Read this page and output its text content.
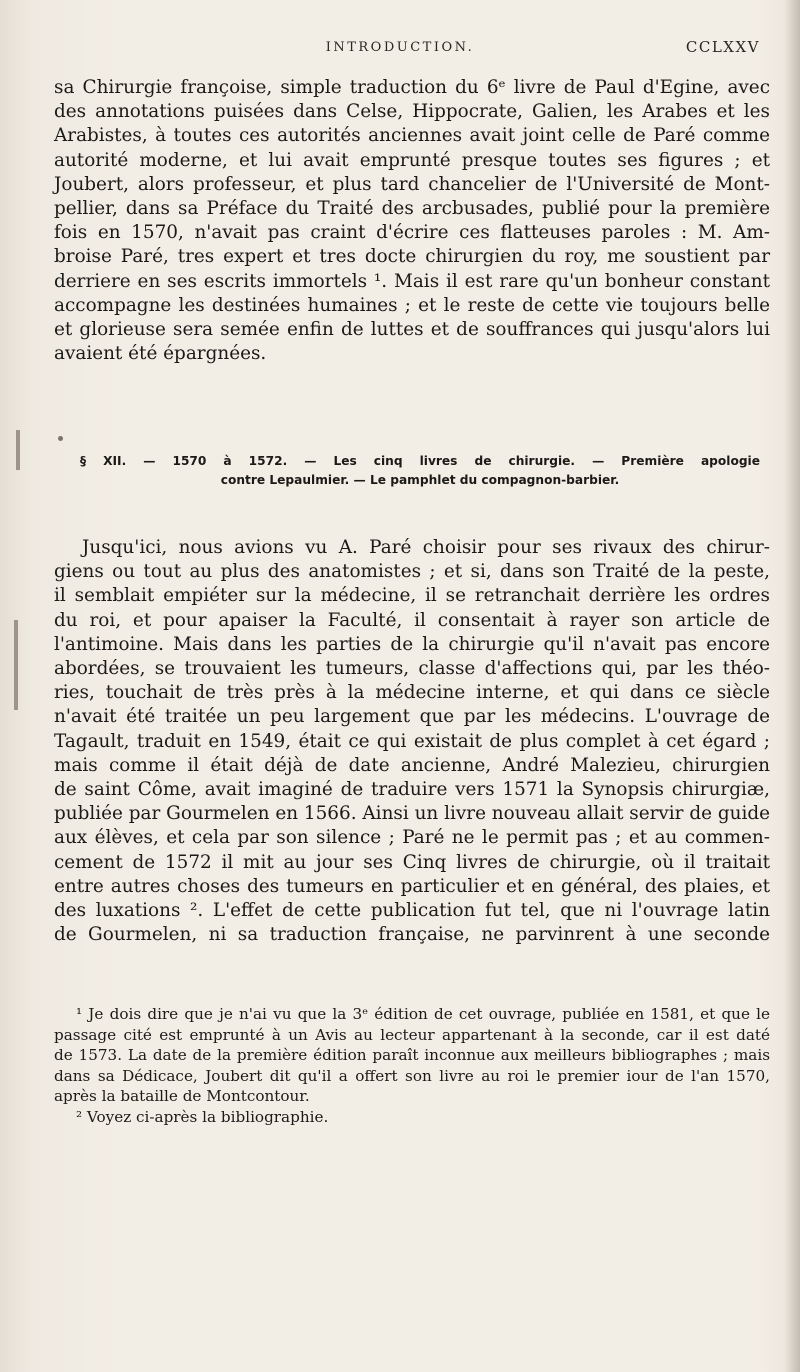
INTRODUCTION.	CCLXXV
sa Chirurgie françoise, simple traduction du 6ᵉ livre de Paul d'Egine, avec
des annotations puisées dans Celse, Hippocrate, Galien, les Arabes et les
Arabistes, à toutes ces autorités anciennes avait joint celle de Paré comme
autorité moderne, et lui avait emprunté presque toutes ses figures ; et
Joubert, alors professeur, et plus tard chancelier de l'Université de Mont-
pellier, dans sa Préface du Traité des arcbusades, publié pour la première
fois en 1570, n'avait pas craint d'écrire ces flatteuses paroles : M. Am-
broise Paré, tres expert et tres docte chirurgien du roy, me soustient par
derriere en ses escrits immortels ¹. Mais il est rare qu'un bonheur constant
accompagne les destinées humaines ; et le reste de cette vie toujours belle
et glorieuse sera semée enfin de luttes et de souffrances qui jusqu'alors lui
avaient été épargnées.
§ XII. — 1570 à 1572. — Les cinq livres de chirurgie. — Première apologie
contre Lepaulmier. — Le pamphlet du compagnon-barbier.
Jusqu'ici, nous avions vu A. Paré choisir pour ses rivaux des chirur-
giens ou tout au plus des anatomistes ; et si, dans son Traité de la peste,
il semblait empiéter sur la médecine, il se retranchait derrière les ordres
du roi, et pour apaiser la Faculté, il consentait à rayer son article de
l'antimoine. Mais dans les parties de la chirurgie qu'il n'avait pas encore
abordées, se trouvaient les tumeurs, classe d'affections qui, par les théo-
ries, touchait de très près à la médecine interne, et qui dans ce siècle
n'avait été traitée un peu largement que par les médecins. L'ouvrage de
Tagault, traduit en 1549, était ce qui existait de plus complet à cet égard ;
mais comme il était déjà de date ancienne, André Malezieu, chirurgien
de saint Côme, avait imaginé de traduire vers 1571 la Synopsis chirurgiæ,
publiée par Gourmelen en 1566. Ainsi un livre nouveau allait servir de guide
aux élèves, et cela par son silence ; Paré ne le permit pas ; et au commen-
cement de 1572 il mit au jour ses Cinq livres de chirurgie, où il traitait
entre autres choses des tumeurs en particulier et en général, des plaies, et
des luxations ². L'effet de cette publication fut tel, que ni l'ouvrage latin
de Gourmelen, ni sa traduction française, ne parvinrent à une seconde
¹ Je dois dire que je n'ai vu que la 3ᵉ édition de cet ouvrage, publiée en 1581, et que le
passage cité est emprunté à un Avis au lecteur appartenant à la seconde, car il est daté
de 1573. La date de la première édition paraît inconnue aux meilleurs bibliographes ; mais
dans sa Dédicace, Joubert dit qu'il a offert son livre au roi le premier iour de l'an 1570,
après la bataille de Montcontour.
² Voyez ci-après la bibliographie.
